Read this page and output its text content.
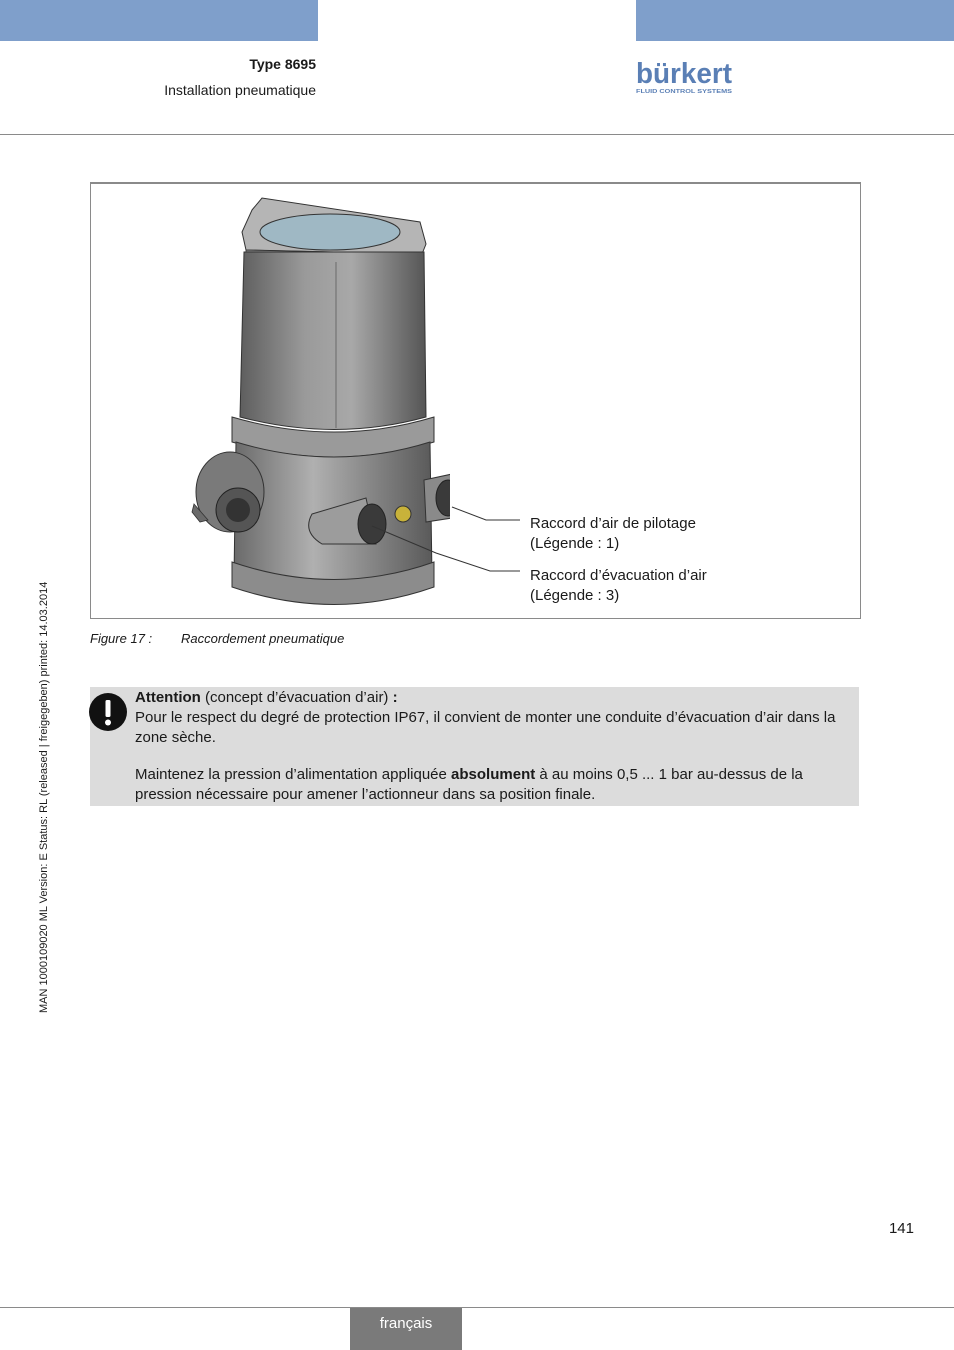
Type 8695
Installation pneumatique	bürkert
FLUID CONTROL SYSTEMS
Raccord d’air de pilotage
(Légende : 1)
Raccord d’évacuation d’air
(Légende : 3)
Figure 17 : Raccordement pneumatique

Attention (concept d’évacuation d’air) :

Pour le respect du degré de protection IP67, il convient de monter une conduite d’évacuation d’air dans la zone sèche.

Maintenez la pression d’alimentation appliquée absolument à au moins 0,5 ... 1 bar au-dessus de la pression nécessaire pour amener l’actionneur dans sa position finale.

MAN 1000109020 ML Version: E Status: RL (released | freigegeben) printed: 14.03.2014
141
français
